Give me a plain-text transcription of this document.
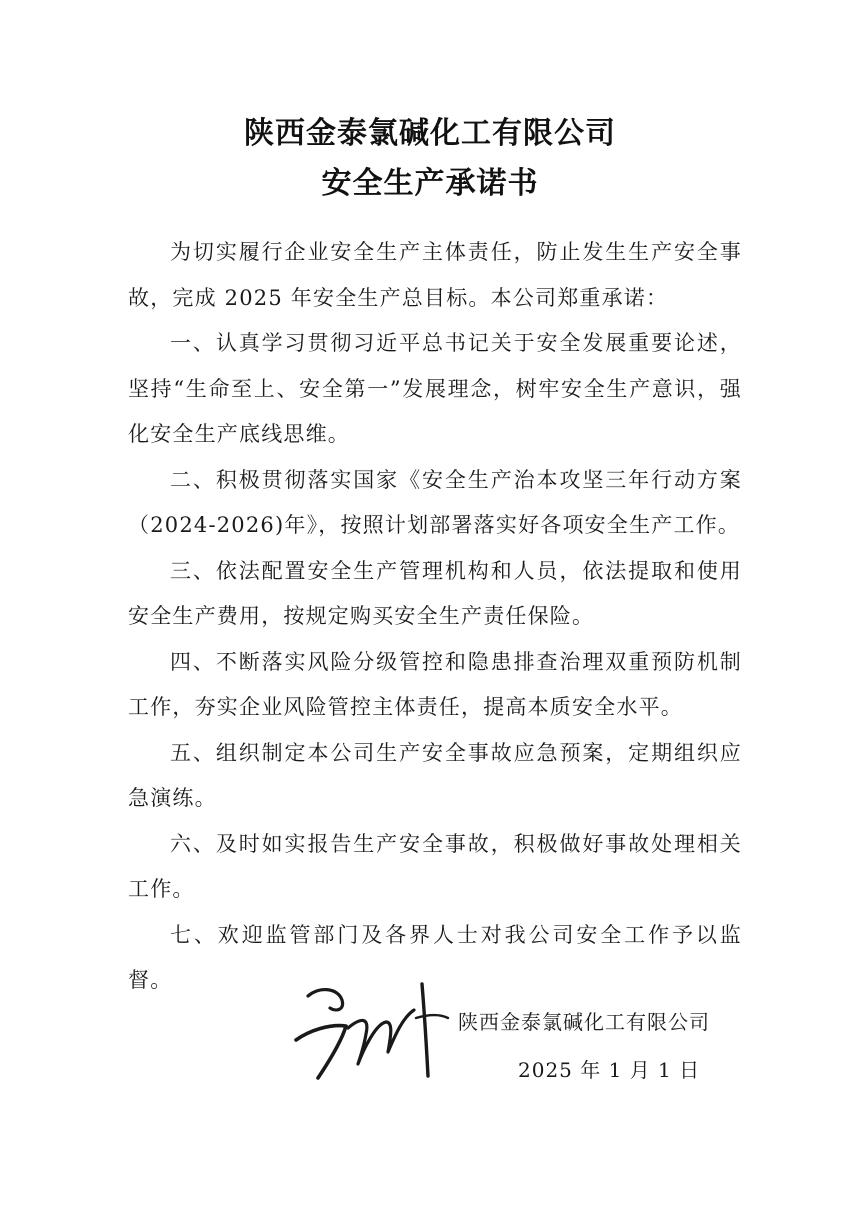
陕西金泰氯碱化工有限公司
安全生产承诺书

为切实履行企业安全生产主体责任，防止发生生产安全事故，完成 2025 年安全生产总目标。本公司郑重承诺：

一、认真学习贯彻习近平总书记关于安全发展重要论述，坚持“生命至上、安全第一”发展理念，树牢安全生产意识，强化安全生产底线思维。

二、积极贯彻落实国家《安全生产治本攻坚三年行动方案（2024-2026)年》，按照计划部署落实好各项安全生产工作。

三、依法配置安全生产管理机构和人员，依法提取和使用安全生产费用，按规定购买安全生产责任保险。

四、不断落实风险分级管控和隐患排查治理双重预防机制工作，夯实企业风险管控主体责任，提高本质安全水平。

五、组织制定本公司生产安全事故应急预案，定期组织应急演练。

六、及时如实报告生产安全事故，积极做好事故处理相关工作。

七、欢迎监管部门及各界人士对我公司安全工作予以监督。

陕西金泰氯碱化工有限公司
2025 年 1 月 1 日
